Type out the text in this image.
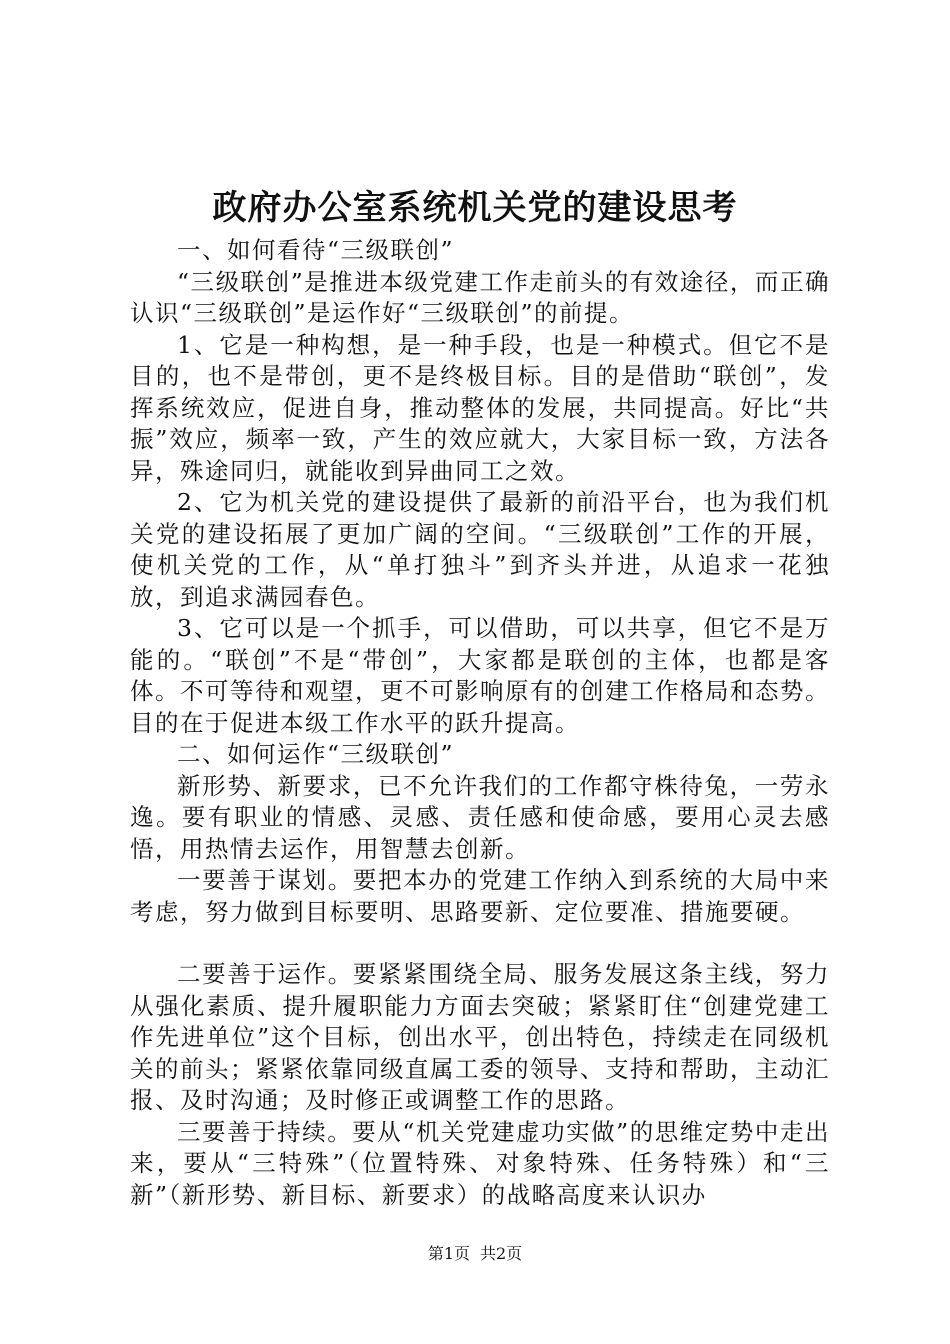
政府办公室系统机关党的建设思考

一、如何看待“三级联创”

“三级联创”是推进本级党建工作走前头的有效途径，而正确认识“三级联创”是运作好“三级联创”的前提。

1、它是一种构想，是一种手段，也是一种模式。但它不是目的，也不是带创，更不是终极目标。目的是借助“联创”，发挥系统效应，促进自身，推动整体的发展，共同提高。好比“共振”效应，频率一致，产生的效应就大，大家目标一致，方法各异，殊途同归，就能收到异曲同工之效。

2、它为机关党的建设提供了最新的前沿平台，也为我们机关党的建设拓展了更加广阔的空间。“三级联创”工作的开展，使机关党的工作，从“单打独斗”到齐头并进，从追求一花独放，到追求满园春色。

3、它可以是一个抓手，可以借助，可以共享，但它不是万能的。“联创”不是“带创”，大家都是联创的主体，也都是客体。不可等待和观望，更不可影响原有的创建工作格局和态势。目的在于促进本级工作水平的跃升提高。

二、如何运作“三级联创”

新形势、新要求，已不允许我们的工作都守株待兔，一劳永逸。要有职业的情感、灵感、责任感和使命感，要用心灵去感悟，用热情去运作，用智慧去创新。

一要善于谋划。要把本办的党建工作纳入到系统的大局中来考虑，努力做到目标要明、思路要新、定位要准、措施要硬。

二要善于运作。要紧紧围绕全局、服务发展这条主线，努力从强化素质、提升履职能力方面去突破；紧紧盯住“创建党建工作先进单位”这个目标，创出水平，创出特色，持续走在同级机关的前头；紧紧依靠同级直属工委的领导、支持和帮助，主动汇报、及时沟通；及时修正或调整工作的思路。

三要善于持续。要从“机关党建虚功实做”的思维定势中走出来，要从“三特殊”（位置特殊、对象特殊、任务特殊）和“三新”（新形势、新目标、新要求）的战略高度来认识办

第1页 共2页
